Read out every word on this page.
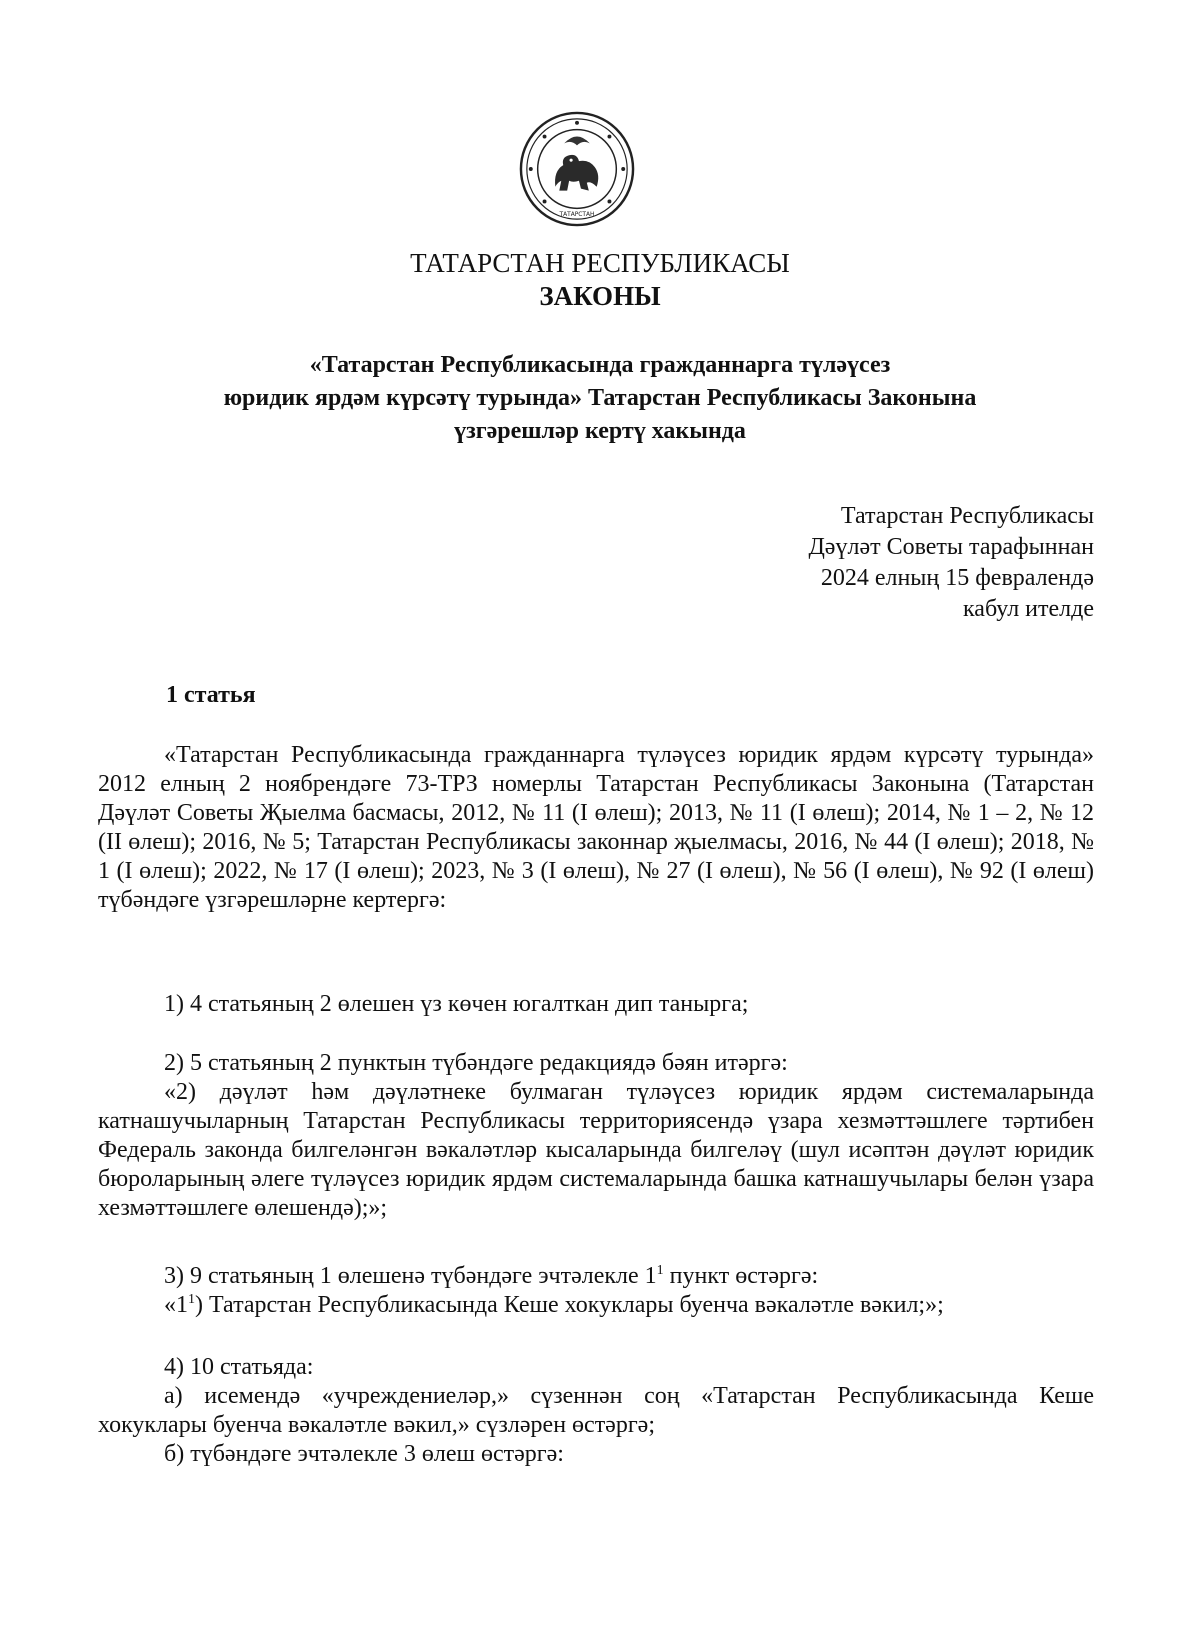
ТАТАРСТАН
ТАТАРСТАН РЕСПУБЛИКАСЫ
ЗАКОНЫ
«Татарстан Республикасында гражданнарга түләүсез
юридик ярдәм күрсәтү турында» Татарстан Республикасы Законына
үзгәрешләр кертү хакында
Татарстан Республикасы
Дәүләт Советы тарафыннан
2024 елның 15 февралендә
кабул ителде
1 статья
«Татарстан Республикасында гражданнарга түләүсез юридик ярдәм күрсәтү турында» 2012 елның 2 ноябрендәге 73-ТРЗ номерлы Татарстан Республикасы Законына (Татарстан Дәүләт Советы Җыелма басмасы, 2012, № 11 (I өлеш); 2013, № 11 (I өлеш); 2014, № 1 – 2, № 12 (II өлеш); 2016, № 5; Татарстан Республикасы законнар җыелмасы, 2016, № 44 (I өлеш); 2018, № 1 (I өлеш); 2022, № 17 (I өлеш); 2023, № 3 (I өлеш), № 27 (I өлеш), № 56 (I өлеш), № 92 (I өлеш) түбәндәге үзгәрешләрне кертергә:
1) 4 статьяның 2 өлешен үз көчен югалткан дип танырга;
2) 5 статьяның 2 пунктын түбәндәге редакциядә бәян итәргә:
«2) дәүләт һәм дәүләтнеке булмаган түләүсез юридик ярдәм системаларында катнашучыларның Татарстан Республикасы территориясендә үзара хезмәттәшлеге тәртибен Федераль законда билгеләнгән вәкаләтләр кысаларында билгеләү (шул исәптән дәүләт юридик бюроларының әлеге түләүсез юридик ярдәм системаларында башка катнашучылары белән үзара хезмәттәшлеге өлешендә);»;
3) 9 статьяның 1 өлешенә түбәндәге эчтәлекле $1^1$ пункт өстәргә:
«$1^1$) Татарстан Республикасында Кеше хокуклары буенча вәкаләтле вәкил;»;
4) 10 статьяда:
а) исемендә «учреждениеләр,» сүзеннән соң «Татарстан Республикасында Кеше хокуклары буенча вәкаләтле вәкил,» сүзләрен өстәргә;
б) түбәндәге эчтәлекле 3 өлеш өстәргә:
